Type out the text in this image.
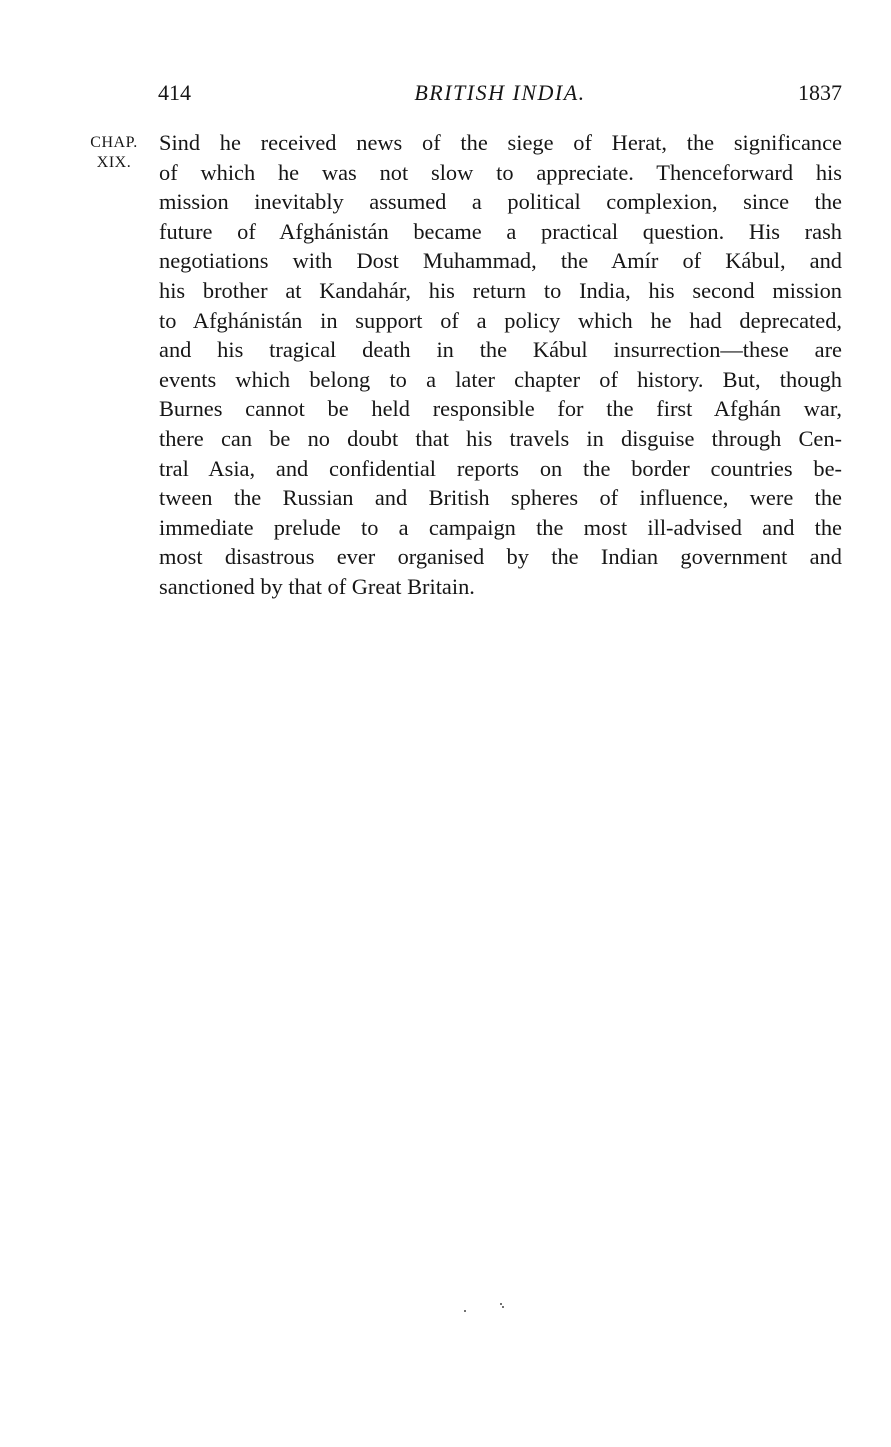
414	BRITISH INDIA.	1837
CHAP.
XIX.
Sind he received news of the siege of Herat, the significance
of which he was not slow to appreciate. Thenceforward his
mission inevitably assumed a political complexion, since the
future of Afghánistán became a practical question. His rash
negotiations with Dost Muhammad, the Amír of Kábul, and
his brother at Kandahár, his return to India, his second mission
to Afghánistán in support of a policy which he had deprecated,
and his tragical death in the Kábul insurrection—these are
events which belong to a later chapter of history. But, though
Burnes cannot be held responsible for the first Afghán war,
there can be no doubt that his travels in disguise through Cen-
tral Asia, and confidential reports on the border countries be-
tween the Russian and British spheres of influence, were the
immediate prelude to a campaign the most ill-advised and the
most disastrous ever organised by the Indian government and
sanctioned by that of Great Britain.
